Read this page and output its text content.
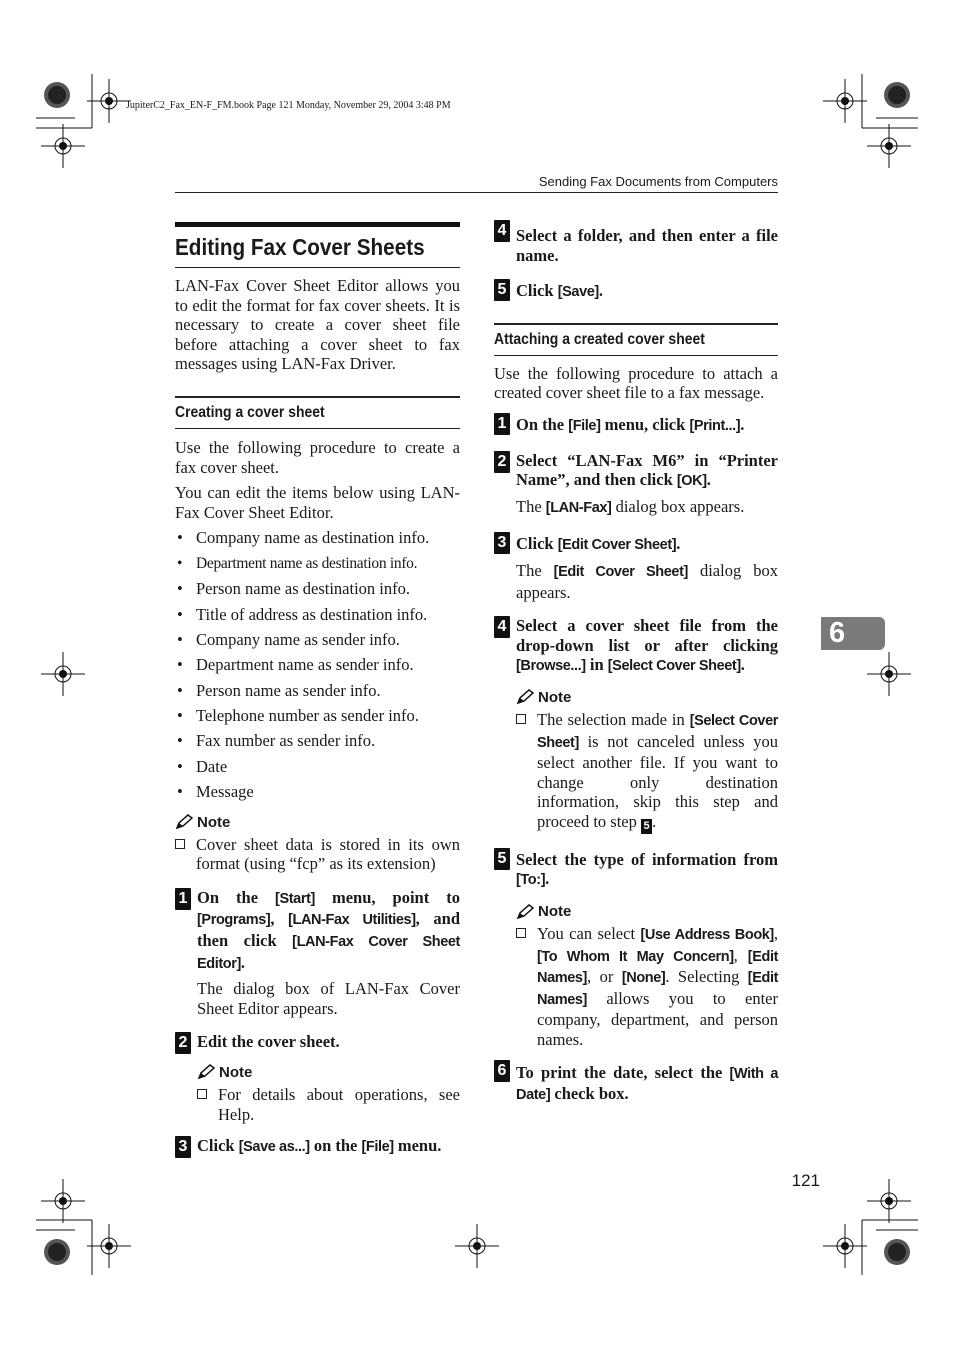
JupiterC2_Fax_EN-F_FM.book Page 121 Monday, November 29, 2004 3:48 PM
Sending Fax Documents from Computers
Editing Fax Cover Sheets

LAN-Fax Cover Sheet Editor allows you to edit the format for fax cover sheets. It is necessary to create a cover sheet file before attaching a cover sheet to fax messages using LAN-Fax Driver.

Creating a cover sheet

Use the following procedure to create a fax cover sheet.

You can edit the items below using LAN-Fax Cover Sheet Editor.

• Company name as destination info.
• Department name as destination info.
• Person name as destination info.
• Title of address as destination info.
• Company name as sender info.
• Department name as sender info.
• Person name as sender info.
• Telephone number as sender info.
• Fax number as sender info.
• Date
• Message
Note
Cover sheet data is stored in its own format (using “fcp” as its extension)
1 On the [Start] menu, point to [Programs], [LAN-Fax Utilities], and then click [LAN-Fax Cover Sheet Editor].
The dialog box of LAN-Fax Cover Sheet Editor appears.
2 Edit the cover sheet.
Note
For details about operations, see Help.
3 Click [Save as...] on the [File] menu.
4 Select a folder, and then enter a file name.
5 Click [Save].
Attaching a created cover sheet

Use the following procedure to attach a created cover sheet file to a fax message.

1 On the [File] menu, click [Print...].
2 Select “LAN-Fax M6” in “Printer Name”, and then click [OK].
The [LAN-Fax] dialog box appears.
3 Click [Edit Cover Sheet].
The [Edit Cover Sheet] dialog box appears.
4 Select a cover sheet file from the drop-down list or after clicking [Browse...] in [Select Cover Sheet].
Note
The selection made in [Select Cover Sheet] is not canceled unless you select another file. If you want to change only destination information, skip this step and proceed to step 5 .
5 Select the type of information from [To:].
Note
You can select [Use Address Book], [To Whom It May Concern], [Edit Names], or [None]. Selecting [Edit Names] allows you to enter company, department, and person names.
6 To print the date, select the [With a Date] check box.
6
121
